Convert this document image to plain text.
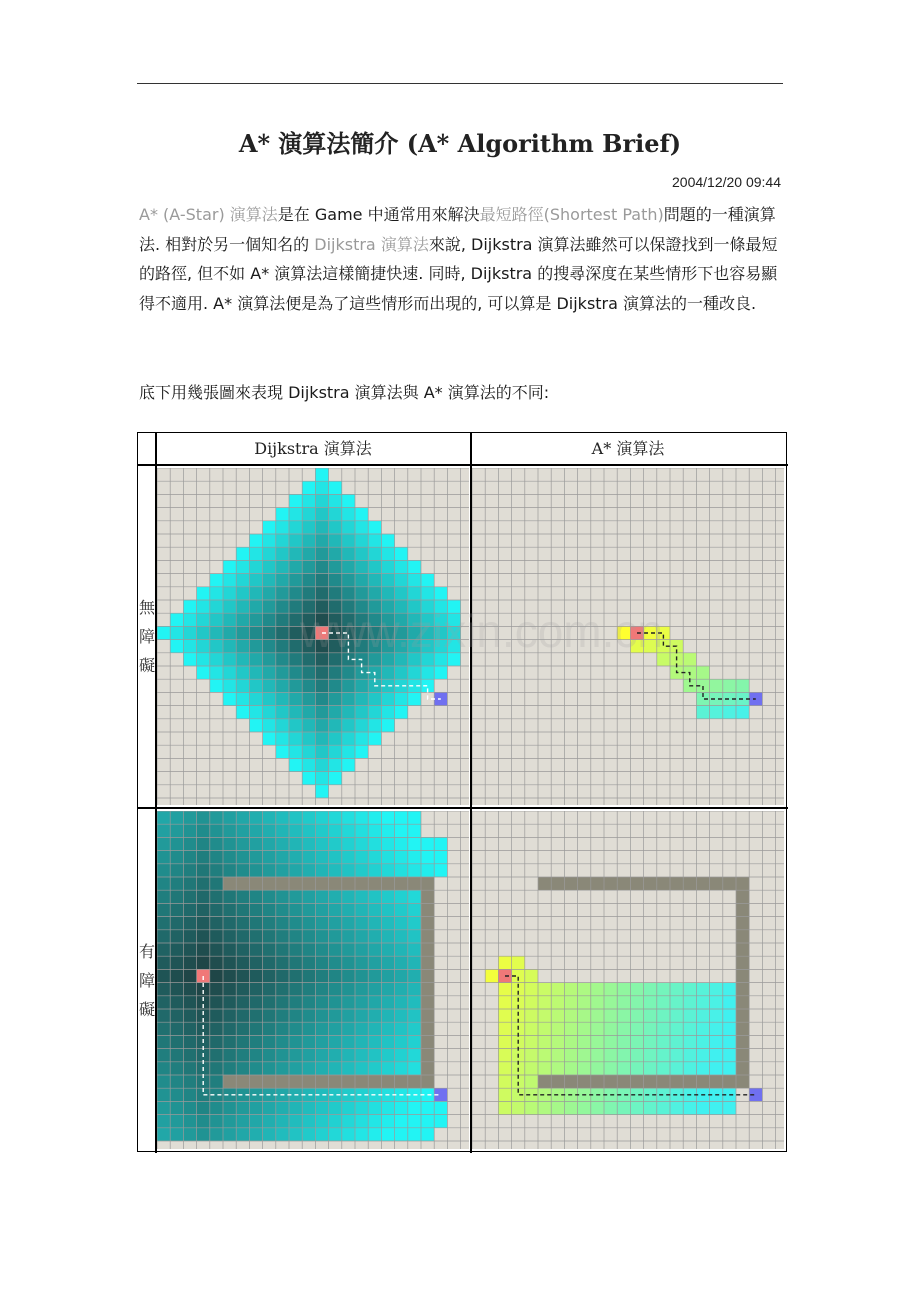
A* 演算法簡介 (A* Algorithm Brief)
2004/12/20 09:44
A* (A-Star) 演算法是在 Game 中通常用來解決最短路徑(Shortest Path)問題的一種演算法. 相對於另一個知名的 Dijkstra 演算法來說, Dijkstra 演算法雖然可以保證找到一條最短的路徑, 但不如 A* 演算法這樣簡捷快速. 同時, Dijkstra 的搜尋深度在某些情形下也容易顯得不適用. A* 演算法便是為了這些情形而出現的, 可以算是 Dijkstra 演算法的一種改良.
底下用幾張圖來表現 Dijkstra 演算法與 A* 演算法的不同:
Dijkstra 演算法	A* 演算法
無
障
礙
有
障
礙
www.zixin.com.cn
